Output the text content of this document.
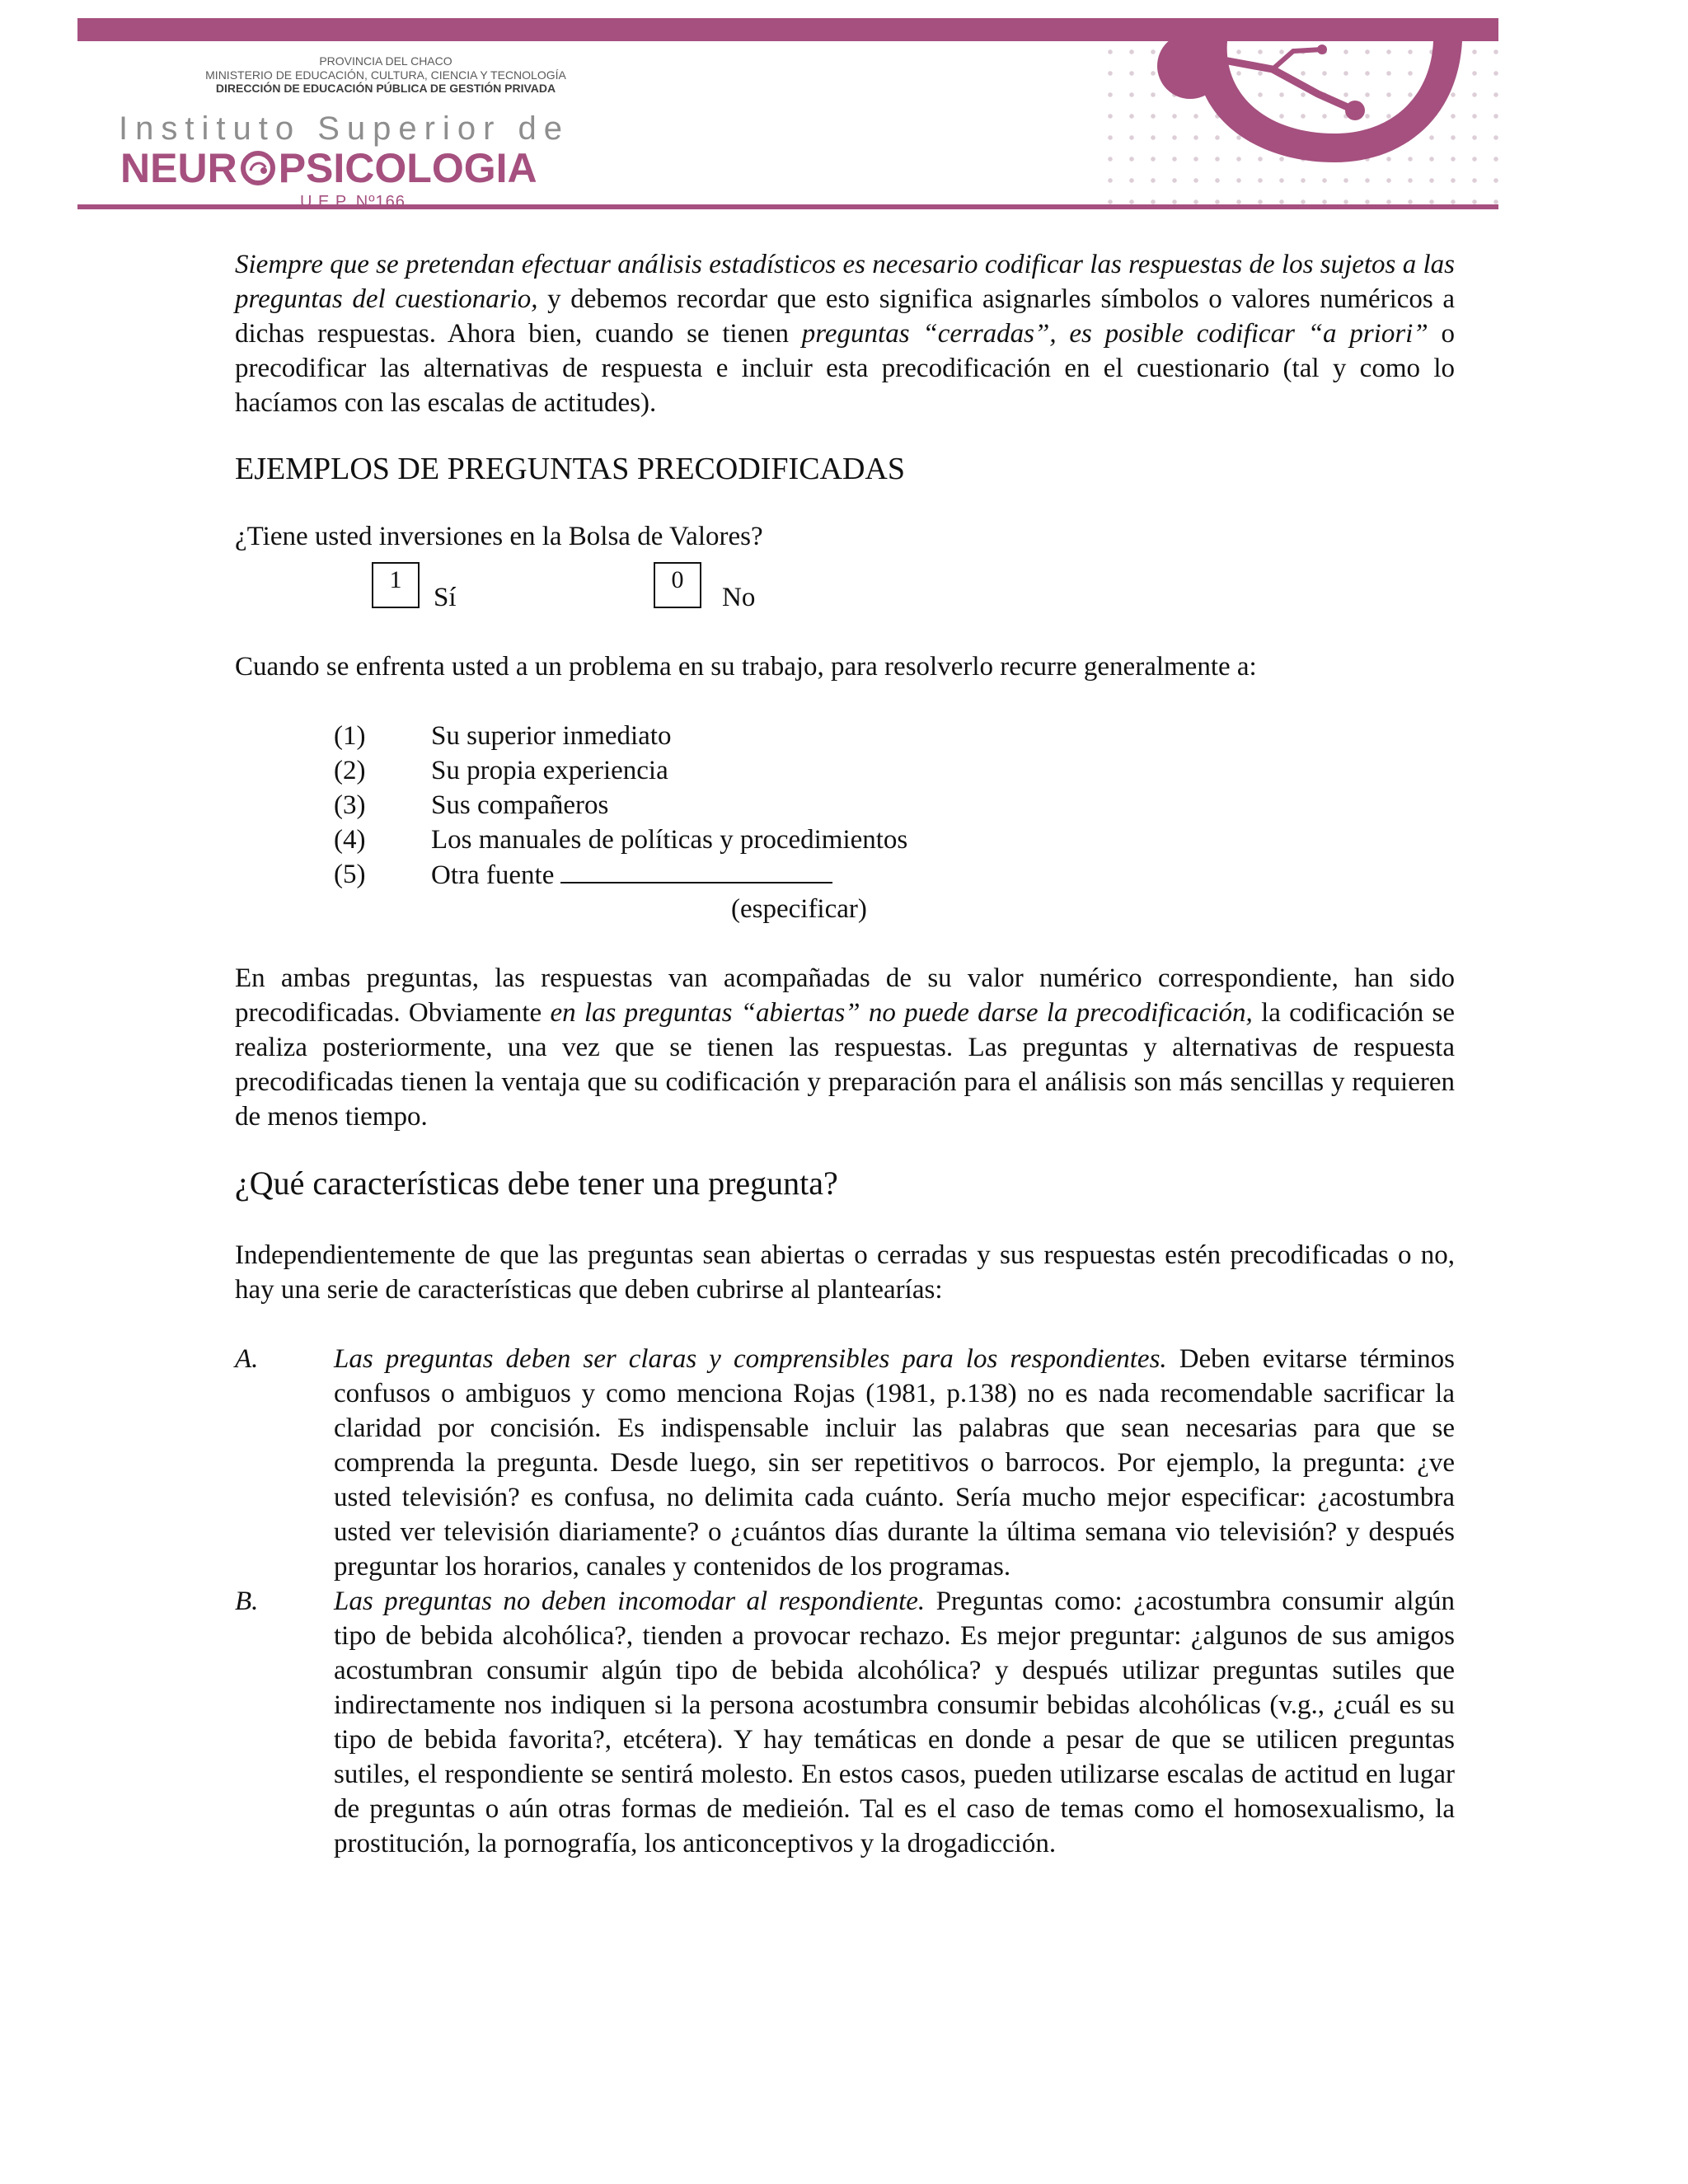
PROVINCIA DEL CHACO
MINISTERIO DE EDUCACIÓN, CULTURA, CIENCIA Y TECNOLOGÍA
DIRECCIÓN DE EDUCACIÓN PÚBLICA DE GESTIÓN PRIVADA
Instituto Superior de
NEUR PSICOLOGIA
U.E.P. Nº166

Siempre que se pretendan efectuar análisis estadísticos es necesario codificar las respuestas de los sujetos a las preguntas del cuestionario, y debemos recordar que esto significa asignarles símbolos o valores numéricos a dichas respuestas. Ahora bien, cuando se tienen preguntas “cerradas”, es posible codificar “a priori” o precodificar las alternativas de respuesta e incluir esta precodificación en el cuestionario (tal y como lo hacíamos con las escalas de actitudes).

EJEMPLOS DE PREGUNTAS PRECODIFICADAS
¿Tiene usted inversiones en la Bolsa de Valores?
1
Sí
0
No
Cuando se enfrenta usted a un problema en su trabajo, para resolverlo recurre generalmente a:
(1)	Su superior inmediato
(2)	Su propia experiencia
(3)	Sus compañeros
(4)	Los manuales de políticas y procedimientos
(5)	Otra fuente
(especificar)

En ambas preguntas, las respuestas van acompañadas de su valor numérico correspondiente, han sido precodificadas. Obviamente en las preguntas “abiertas” no puede darse la precodificación, la codificación se realiza posteriormente, una vez que se tienen las respuestas. Las preguntas y alternativas de respuesta precodificadas tienen la ventaja que su codificación y preparación para el análisis son más sencillas y requieren de menos tiempo.

¿Qué características debe tener una pregunta?

Independientemente de que las preguntas sean abiertas o cerradas y sus respuestas estén precodificadas o no, hay una serie de características que deben cubrirse al plantearías:

A.	Las preguntas deben ser claras y comprensibles para los respondientes. Deben evitarse términos confusos o ambiguos y como menciona Rojas (1981, p.138) no es nada recomendable sacrificar la claridad por concisión. Es indispensable incluir las palabras que sean necesarias para que se comprenda la pregunta. Desde luego, sin ser repetitivos o barrocos. Por ejemplo, la pregunta: ¿ve usted televisión? es confusa, no delimita cada cuánto. Sería mucho mejor especificar: ¿acostumbra usted ver televisión diariamente? o ¿cuántos días durante la última semana vio televisión? y después preguntar los horarios, canales y contenidos de los programas.
B.	Las preguntas no deben incomodar al respondiente. Preguntas como: ¿acostumbra consumir algún tipo de bebida alcohólica?, tienden a provocar rechazo. Es mejor preguntar: ¿algunos de sus amigos acostumbran consumir algún tipo de bebida alcohólica? y después utilizar preguntas sutiles que indirectamente nos indiquen si la persona acostumbra consumir bebidas alcohólicas (v.g., ¿cuál es su tipo de bebida favorita?, etcétera). Y hay temáticas en donde a pesar de que se utilicen preguntas sutiles, el respondiente se sentirá molesto. En estos casos, pueden utilizarse escalas de actitud en lugar de preguntas o aún otras formas de medieión. Tal es el caso de temas como el homosexualismo, la prostitución, la pornografía, los anticonceptivos y la drogadicción.
